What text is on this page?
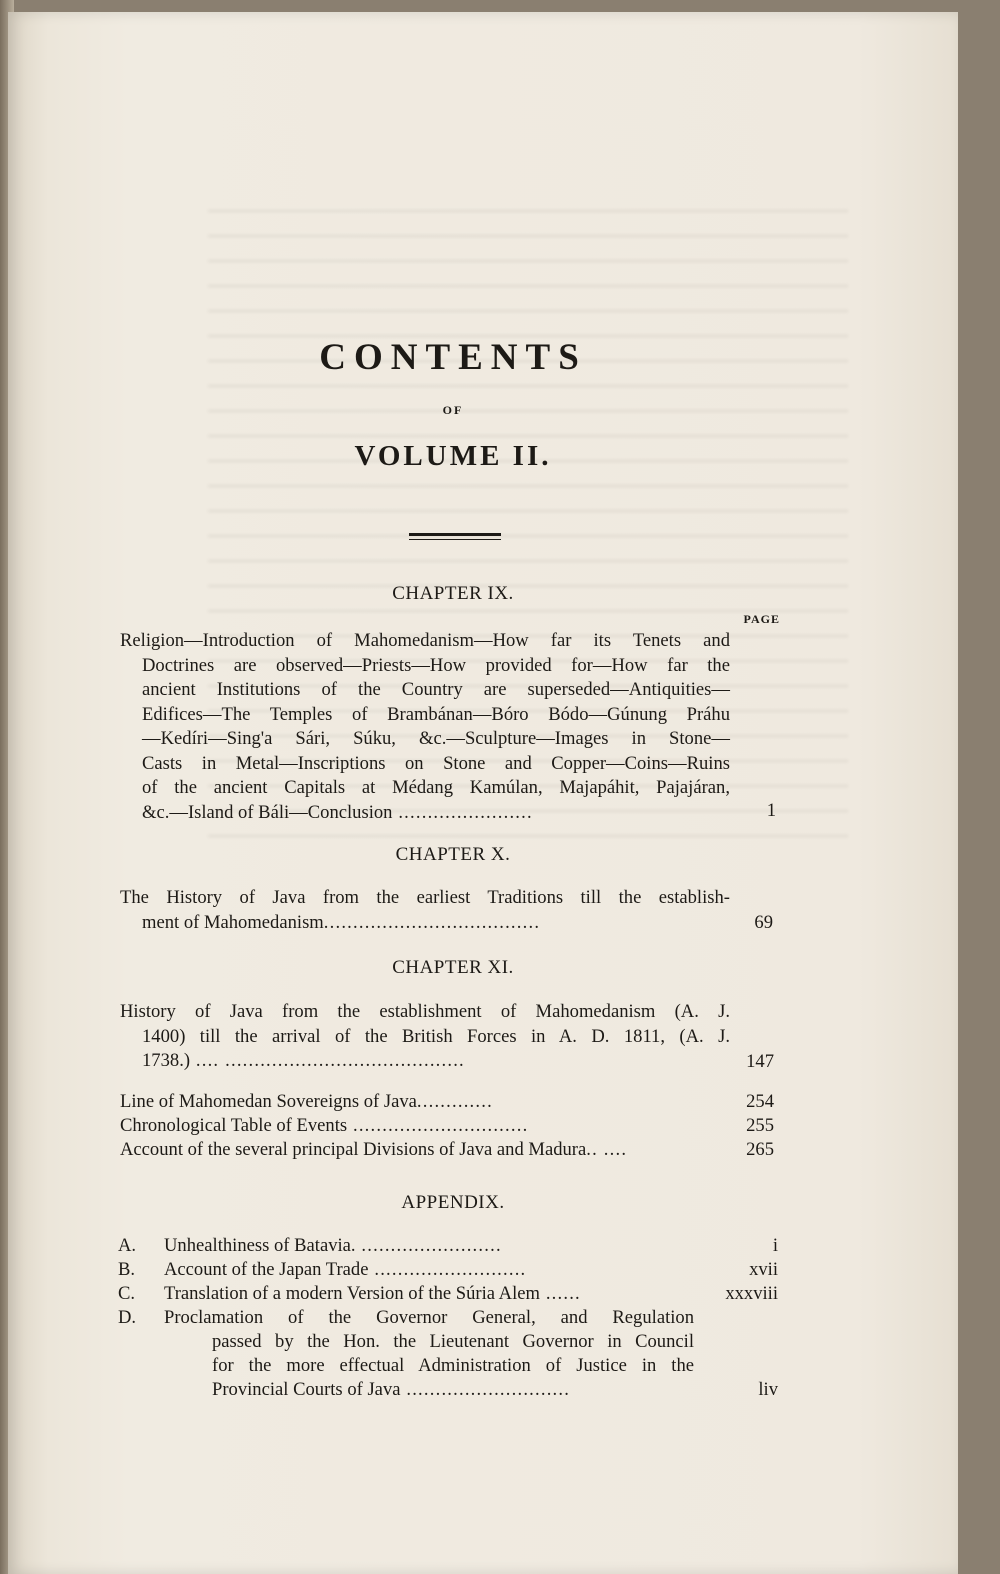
CONTENTS
OF
VOLUME II.
CHAPTER IX.
PAGE
Religion—Introduction of Mahomedanism—How far its Tenets and
Doctrines are observed—Priests—How provided for—How far the
ancient Institutions of the Country are superseded—Antiquities—
Edifices—The Temples of Brambánan—Bóro Bódo—Gúnung Práhu
—Kedíri—Sing'a Sári, Súku, &c.—Sculpture—Images in Stone—
Casts in Metal—Inscriptions on Stone and Copper—Coins—Ruins
of the ancient Capitals at Médang Kamúlan, Majapáhit, Pajajáran,
&c.—Island of Báli—Conclusion .......................	1
CHAPTER X.
The History of Java from the earliest Traditions till the establish-
ment of Mahomedanism.....................................	69
CHAPTER XI.
History of Java from the establishment of Mahomedanism (A. J.
1400) till the arrival of the British Forces in A. D. 1811, (A. J.
1738.) .... .........................................	147
Line of Mahomedan Sovereigns of Java.............	254
Chronological Table of Events ..............................	255
Account of the several principal Divisions of Java and Madura.. ....	265
APPENDIX.
A. Unhealthiness of Batavia. ........................	i
B. Account of the Japan Trade ..........................	xvii
C. Translation of a modern Version of the Súria Alem ......	xxxviii
D. Proclamation of the Governor General, and Regulation
passed by the Hon. the Lieutenant Governor in Council
for the more effectual Administration of Justice in the
Provincial Courts of Java ............................	liv
